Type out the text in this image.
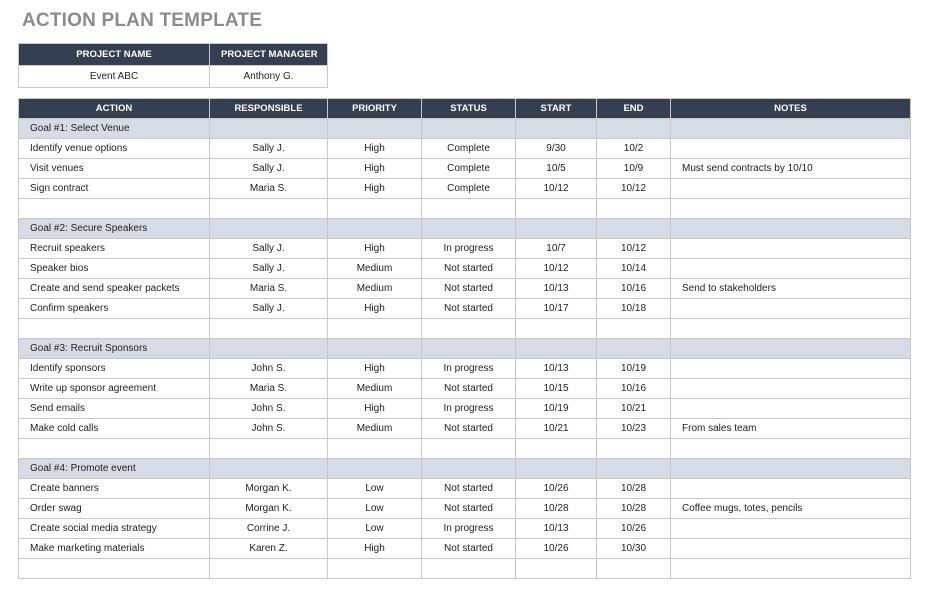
ACTION PLAN TEMPLATE
PROJECT NAME	PROJECT MANAGER
Event ABC	Anthony G.
ACTION	RESPONSIBLE	PRIORITY	STATUS	START	END	NOTES
Goal #1: Select Venue						
Identify venue options	Sally J.	High	Complete	9/30	10/2	
Visit venues	Sally J.	High	Complete	10/5	10/9	Must send contracts by 10/10
Sign contract	Maria S.	High	Complete	10/12	10/12	

Goal #2: Secure Speakers						
Recruit speakers	Sally J.	High	In progress	10/7	10/12	
Speaker bios	Sally J.	Medium	Not started	10/12	10/14	
Create and send speaker packets	Maria S.	Medium	Not started	10/13	10/16	Send to stakeholders
Confirm speakers	Sally J.	High	Not started	10/17	10/18	

Goal #3: Recruit Sponsors						
Identify sponsors	John S.	High	In progress	10/13	10/19	
Write up sponsor agreement	Maria S.	Medium	Not started	10/15	10/16	
Send emails	John S.	High	In progress	10/19	10/21	
Make cold calls	John S.	Medium	Not started	10/21	10/23	From sales team

Goal #4: Promote event						
Create banners	Morgan K.	Low	Not started	10/26	10/28	
Order swag	Morgan K.	Low	Not started	10/28	10/28	Coffee mugs, totes, pencils
Create social media strategy	Corrine J.	Low	In progress	10/13	10/26	
Make marketing materials	Karen Z.	High	Not started	10/26	10/30	
